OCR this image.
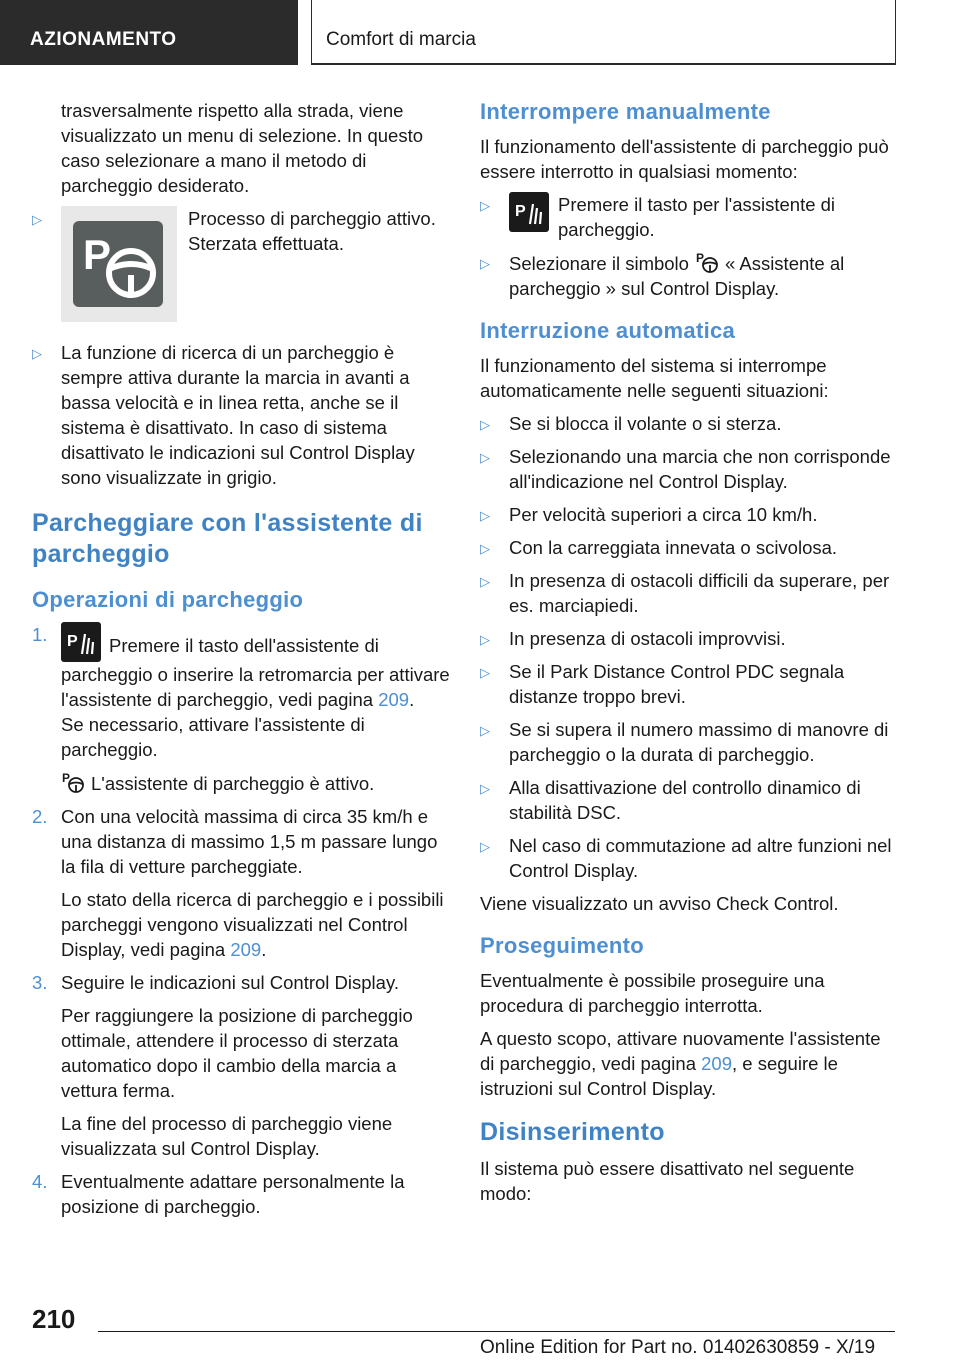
AZIONAMENTO	Comfort di marcia

trasversalmente rispetto alla strada, viene visualizzato un menu di selezione. In questo caso selezionare a mano il metodo di parcheggio desiderato.

▷
P
Processo di parcheggio attivo. Sterzata effettuata.
▷ La funzione di ricerca di un parcheggio è sempre attiva durante la marcia in avanti a bassa velocità e in linea retta, anche se il sistema è disattivato. In caso di sistema disattivato le indicazioni sul Control Display sono visualizzate in grigio.
Parcheggiare con l'assistente di parcheggio
Operazioni di parcheggio
1. P Premere il tasto dell'assistente di parcheggio o inserire la retromarcia per attivare l'assistente di parcheggio, vedi pagina 209.
Se necessario, attivare l'assistente di parcheggio.
L'assistente di parcheggio è attivo.
2. Con una velocità massima di circa 35 km/h e una distanza di massimo 1,5 m passare lungo la fila di vetture parcheggiate.
Lo stato della ricerca di parcheggio e i possibili parcheggi vengono visualizzati nel Control Display, vedi pagina 209.
3. Seguire le indicazioni sul Control Display.
Per raggiungere la posizione di parcheggio ottimale, attendere il processo di sterzata automatico dopo il cambio della marcia a vettura ferma.
La fine del processo di parcheggio viene visualizzata sul Control Display.
4. Eventualmente adattare personalmente la posizione di parcheggio.
Interrompere manualmente

Il funzionamento dell'assistente di parcheggio può essere interrotto in qualsiasi momento:

▷ P Premere il tasto per l'assistente di parcheggio.
▷ Selezionare il simbolo « Assistente al parcheggio » sul Control Display.
Interruzione automatica

Il funzionamento del sistema si interrompe automaticamente nelle seguenti situazioni:

▷ Se si blocca il volante o si sterza.
▷ Selezionando una marcia che non corrisponde all'indicazione nel Control Display.
▷ Per velocità superiori a circa 10 km/h.
▷ Con la carreggiata innevata o scivolosa.
▷ In presenza di ostacoli difficili da superare, per es. marciapiedi.
▷ In presenza di ostacoli improvvisi.
▷ Se il Park Distance Control PDC segnala distanze troppo brevi.
▷ Se si supera il numero massimo di manovre di parcheggio o la durata di parcheggio.
▷ Alla disattivazione del controllo dinamico di stabilità DSC.
▷ Nel caso di commutazione ad altre funzioni nel Control Display.

Viene visualizzato un avviso Check Control.

Proseguimento

Eventualmente è possibile proseguire una procedura di parcheggio interrotta.

A questo scopo, attivare nuovamente l'assistente di parcheggio, vedi pagina 209, e seguire le istruzioni sul Control Display.

Disinserimento

Il sistema può essere disattivato nel seguente modo:

210
Online Edition for Part no. 01402630859 - X/19
